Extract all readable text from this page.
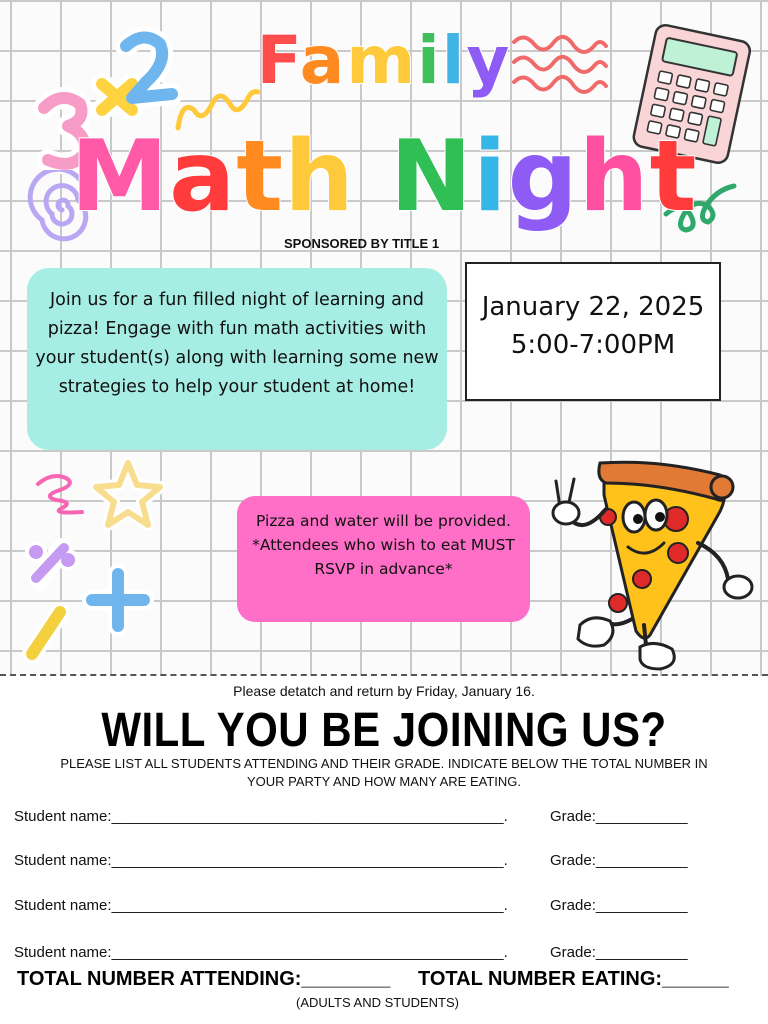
Family
Math Night
SPONSORED BY TITLE 1
Join us for a fun filled night of learning and pizza! Engage with fun math activities with your student(s) along with learning some new strategies to help your student at home!
January 22, 2025
5:00-7:00PM
Pizza and water will be provided.
*Attendees who wish to eat MUST RSVP in advance*
Please detatch and return by Friday, January 16.
WILL YOU BE JOINING US?
PLEASE LIST ALL STUDENTS ATTENDING AND THEIR GRADE. INDICATE BELOW THE TOTAL NUMBER IN YOUR PARTY AND HOW MANY ARE EATING.
Student name:_______________________________________________.	Grade:___________
Student name:_______________________________________________.	Grade:___________
Student name:_______________________________________________.	Grade:___________
Student name:_______________________________________________.	Grade:___________
TOTAL NUMBER ATTENDING:________ TOTAL NUMBER EATING:______
(ADULTS AND STUDENTS)
